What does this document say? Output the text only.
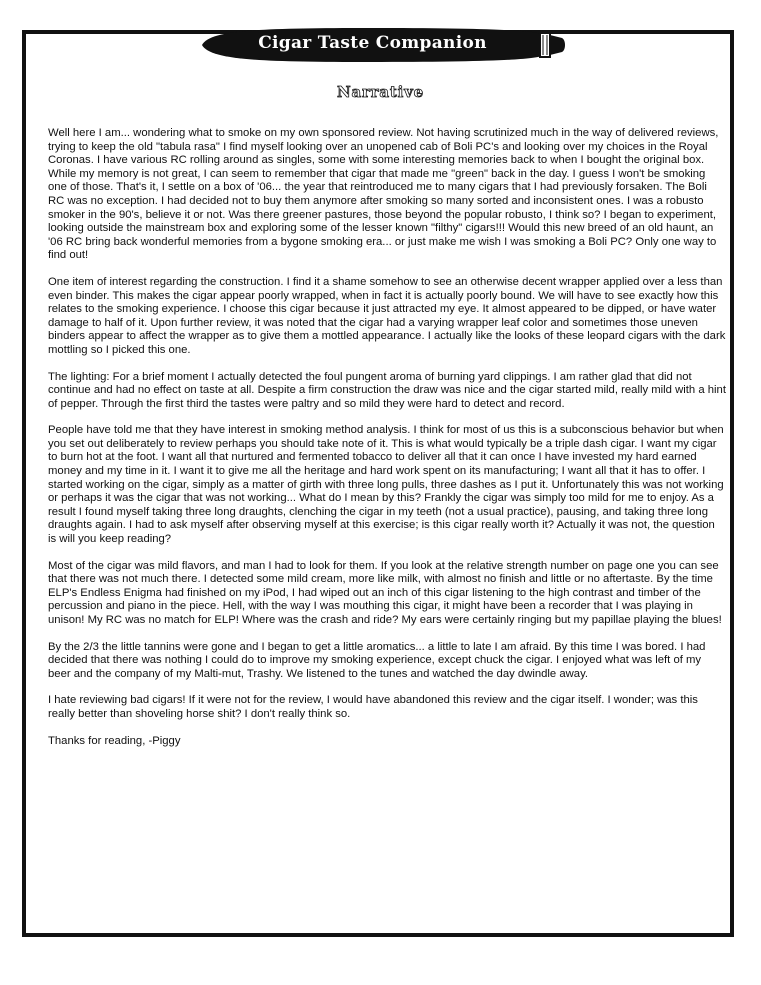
Cigar Taste Companion
Narrative

Well here I am... wondering what to smoke on my own sponsored review. Not having scrutinized much in the way of delivered reviews, trying to keep the old "tabula rasa" I find myself looking over an unopened cab of Boli PC's and looking over my choices in the Royal Coronas. I have various RC rolling around as singles, some with some interesting memories back to when I bought the original box. While my memory is not great, I can seem to remember that cigar that made me "green" back in the day. I guess I won't be smoking one of those. That's it, I settle on a box of '06... the year that reintroduced me to many cigars that I had previously forsaken. The Boli RC was no exception. I had decided not to buy them anymore after smoking so many sorted and inconsistent ones. I was a robusto smoker in the 90's, believe it or not. Was there greener pastures, those beyond the popular robusto, I think so? I began to experiment, looking outside the mainstream box and exploring some of the lesser known "filthy" cigars!!! Would this new breed of an old haunt, an '06 RC bring back wonderful memories from a bygone smoking era... or just make me wish I was smoking a Boli PC? Only one way to find out!

One item of interest regarding the construction. I find it a shame somehow to see an otherwise decent wrapper applied over a less than even binder. This makes the cigar appear poorly wrapped, when in fact it is actually poorly bound. We will have to see exactly how this relates to the smoking experience. I choose this cigar because it just attracted my eye. It almost appeared to be dipped, or have water damage to half of it. Upon further review, it was noted that the cigar had a varying wrapper leaf color and sometimes those uneven binders appear to affect the wrapper as to give them a mottled appearance. I actually like the looks of these leopard cigars with the dark mottling so I picked this one.

The lighting: For a brief moment I actually detected the foul pungent aroma of burning yard clippings. I am rather glad that did not continue and had no effect on taste at all. Despite a firm construction the draw was nice and the cigar started mild, really mild with a hint of pepper. Through the first third the tastes were paltry and so mild they were hard to detect and record.

People have told me that they have interest in smoking method analysis. I think for most of us this is a subconscious behavior but when you set out deliberately to review perhaps you should take note of it. This is what would typically be a triple dash cigar. I want my cigar to burn hot at the foot. I want all that nurtured and fermented tobacco to deliver all that it can once I have invested my hard earned money and my time in it. I want it to give me all the heritage and hard work spent on its manufacturing; I want all that it has to offer. I started working on the cigar, simply as a matter of girth with three long pulls, three dashes as I put it. Unfortunately this was not working or perhaps it was the cigar that was not working... What do I mean by this? Frankly the cigar was simply too mild for me to enjoy. As a result I found myself taking three long draughts, clenching the cigar in my teeth (not a usual practice), pausing, and taking three long draughts again. I had to ask myself after observing myself at this exercise; is this cigar really worth it? Actually it was not, the question is will you keep reading?

Most of the cigar was mild flavors, and man I had to look for them. If you look at the relative strength number on page one you can see that there was not much there. I detected some mild cream, more like milk, with almost no finish and little or no aftertaste. By the time ELP's Endless Enigma had finished on my iPod, I had wiped out an inch of this cigar listening to the high contrast and timber of the percussion and piano in the piece. Hell, with the way I was mouthing this cigar, it might have been a recorder that I was playing in unison! My RC was no match for ELP! Where was the crash and ride? My ears were certainly ringing but my papillae playing the blues!

By the 2/3 the little tannins were gone and I began to get a little aromatics... a little to late I am afraid. By this time I was bored. I had decided that there was nothing I could do to improve my smoking experience, except chuck the cigar. I enjoyed what was left of my beer and the company of my Malti-mut, Trashy. We listened to the tunes and watched the day dwindle away.

I hate reviewing bad cigars! If it were not for the review, I would have abandoned this review and the cigar itself. I wonder; was this really better than shoveling horse shit? I don't really think so.

Thanks for reading, -Piggy
